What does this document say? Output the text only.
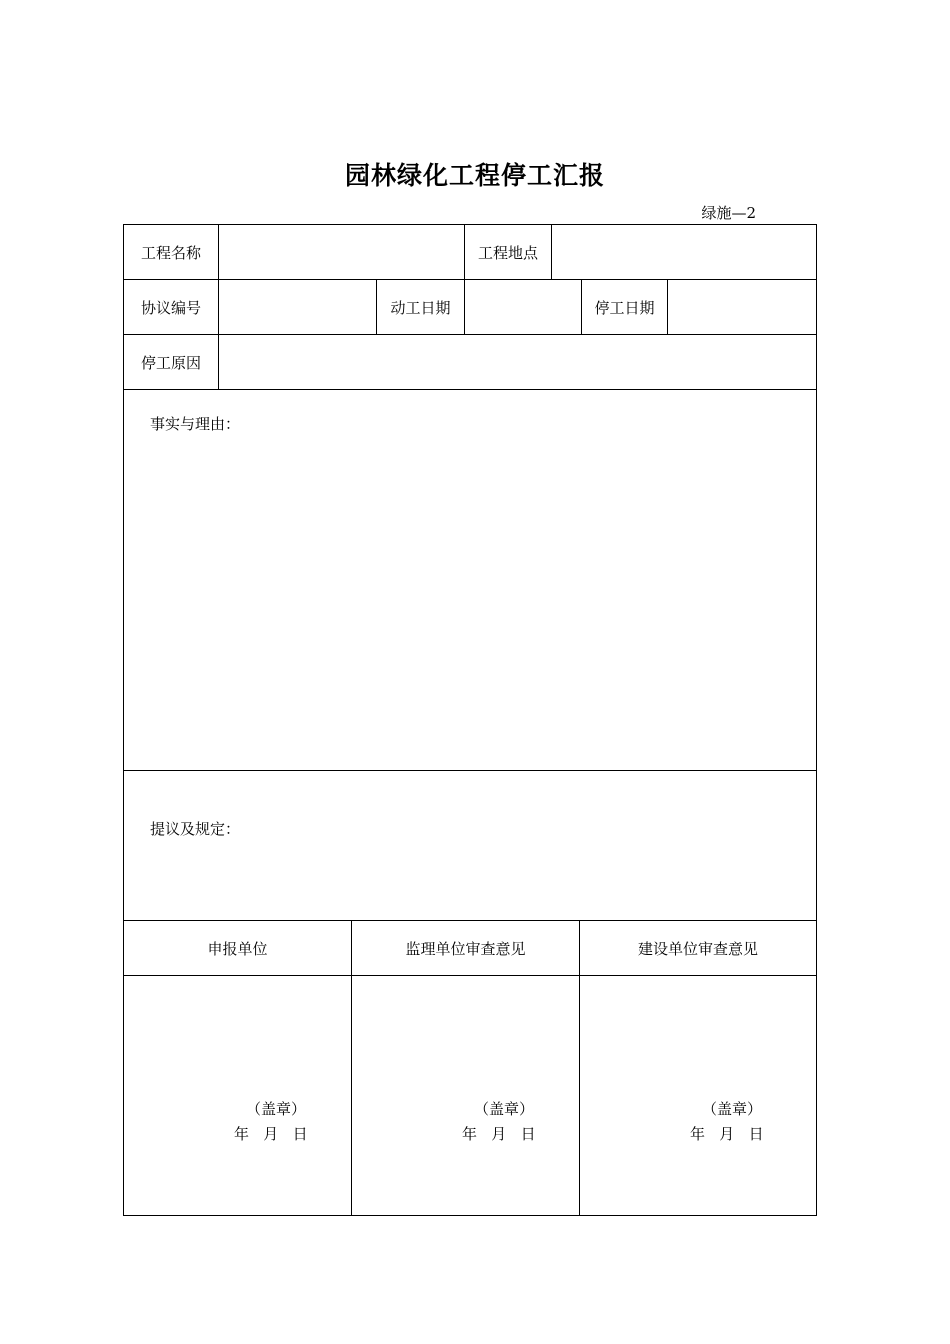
园林绿化工程停工汇报
绿施—2
工程名称	工程地点
协议编号	动工日期	停工日期
停工原因
事实与理由：
提议及规定：
申报单位	监理单位审查意见	建设单位审查意见
（盖章）
年   月   日
（盖章）
年   月   日
（盖章）
年   月   日
